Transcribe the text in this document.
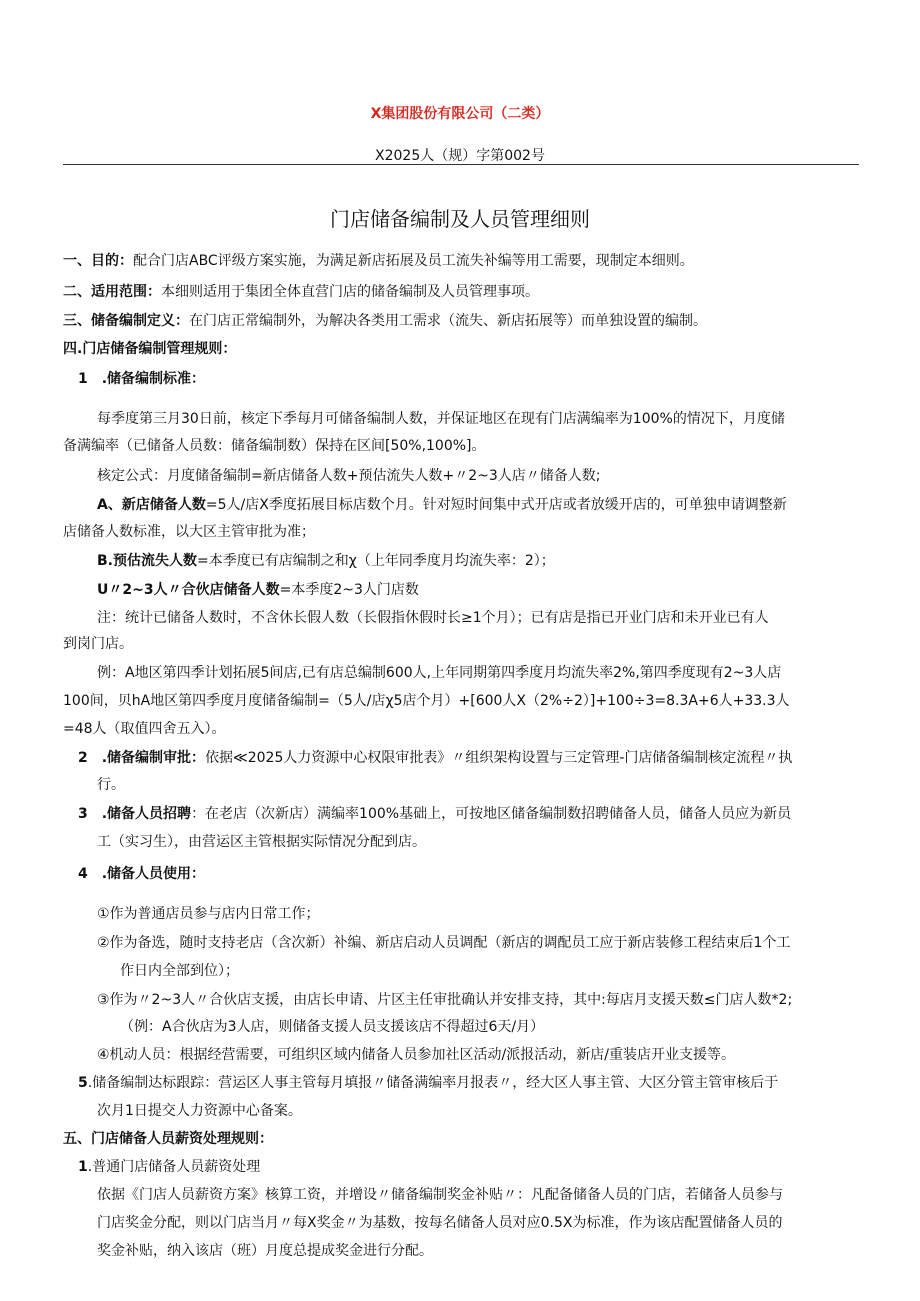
X集团股份有限公司（二类）
X2025人（规）字第002号
门店储备编制及人员管理细则
一、目的：配合门店ABC评级方案实施，为满足新店拓展及员工流失补编等用工需要，现制定本细则。
二、适用范围：本细则适用于集团全体直营门店的储备编制及人员管理事项。
三、储备编制定义：在门店正常编制外，为解决各类用工需求（流失、新店拓展等）而单独设置的编制。
四.门店储备编制管理规则：
1　.储备编制标准：
每季度第三月30日前，核定下季每月可储备编制人数，并保证地区在现有门店满编率为100%的情况下，月度储
备满编率（已储备人员数：储备编制数）保持在区间[50%,100%]。
核定公式：月度储备编制=新店储备人数+预估流失人数+〃2~3人店〃储备人数;
A、新店储备人数=5人/店X季度拓展目标店数个月。针对短时间集中式开店或者放缓开店的，可单独申请调整新
店储备人数标准，以大区主管审批为准；
B.预估流失人数=本季度已有店编制之和χ（上年同季度月均流失率：2）；
U〃2~3人〃合伙店储备人数=本季度2~3人门店数
注：统计已储备人数时，不含休长假人数（长假指休假时长≥1个月）；已有店是指已开业门店和未开业已有人
到岗门店。
例：A地区第四季计划拓展5间店,已有店总编制600人,上年同期第四季度月均流失率2%,第四季度现有2~3人店
100间，贝hA地区第四季度月度储备编制=（5人/店χ5店个月）+[600人X（2%÷2）]+100÷3=8.3A+6人+33.3人
=48人（取值四舍五入）。
2　.储备编制审批：依据≪2025人力资源中心权限审批表》〃组织架构设置与三定管理-门店储备编制核定流程〃执
行。
3　.储备人员招聘：在老店（次新店）满编率100%基础上，可按地区储备编制数招聘储备人员，储备人员应为新员
工（实习生），由营运区主管根据实际情况分配到店。
4　.储备人员使用：
①作为普通店员参与店内日常工作；
②作为备选，随时支持老店（含次新）补编、新店启动人员调配（新店的调配员工应于新店装修工程结束后1个工
作日内全部到位）；
③作为〃2~3人〃合伙店支援，由店长申请、片区主任审批确认并安排支持，其中:每店月支援天数≤门店人数*2;
（例：A合伙店为3人店，则储备支援人员支援该店不得超过6天/月）
④机动人员：根据经营需要，可组织区域内储备人员参加社区活动/派报活动，新店/重装店开业支援等。
5.储备编制达标跟踪：营运区人事主管每月填报〃储备满编率月报表〃，经大区人事主管、大区分管主管审核后于
次月1日提交人力资源中心备案。
五、门店储备人员薪资处理规则：
1.普通门店储备人员薪资处理
依据《门店人员薪资方案》核算工资，并增设〃储备编制奖金补贴〃：凡配备储备人员的门店，若储备人员参与
门店奖金分配，则以门店当月〃每X奖金〃为基数，按每名储备人员对应0.5X为标准，作为该店配置储备人员的
奖金补贴，纳入该店（班）月度总提成奖金进行分配。
